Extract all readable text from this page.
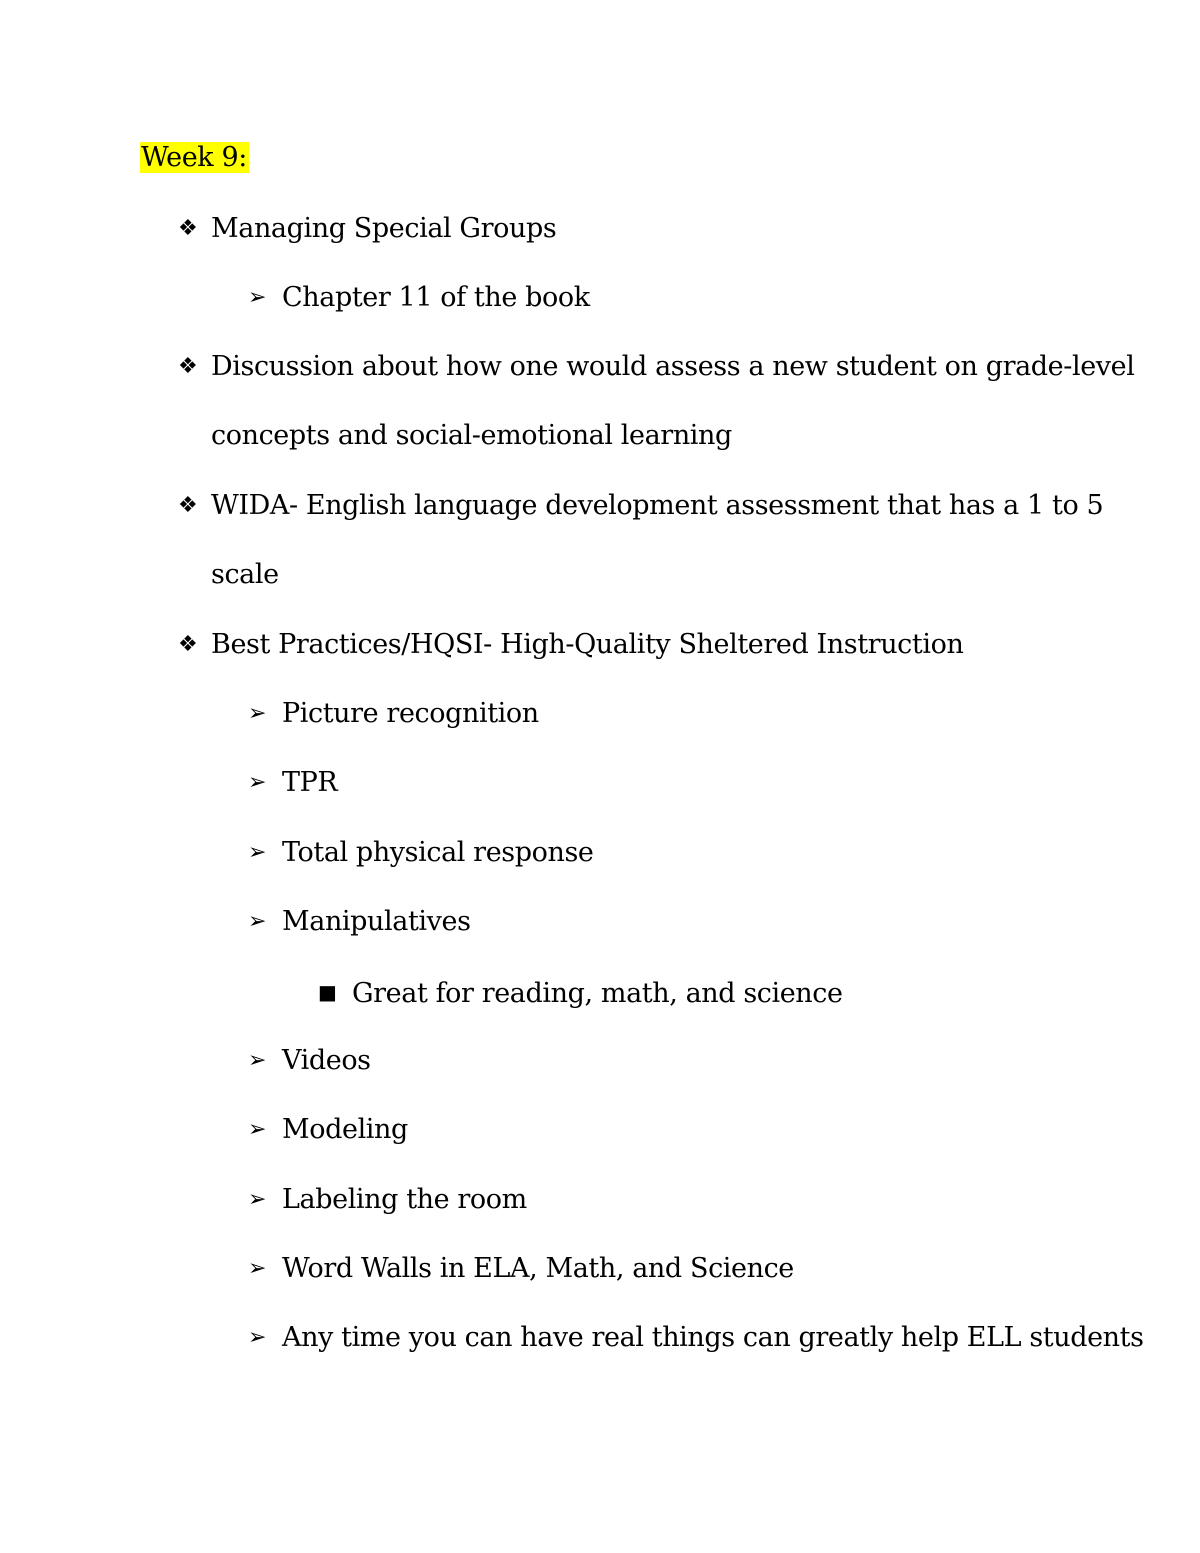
Week 9:
❖ Managing Special Groups
➢ Chapter 11 of the book
❖ Discussion about how one would assess a new student on grade-level
concepts and social-emotional learning
❖ WIDA- English language development assessment that has a 1 to 5
scale
❖ Best Practices/HQSI- High-Quality Sheltered Instruction
➢ Picture recognition
➢ TPR
➢ Total physical response
➢ Manipulatives
■ Great for reading, math, and science
➢ Videos
➢ Modeling
➢ Labeling the room
➢ Word Walls in ELA, Math, and Science
➢ Any time you can have real things can greatly help ELL students
